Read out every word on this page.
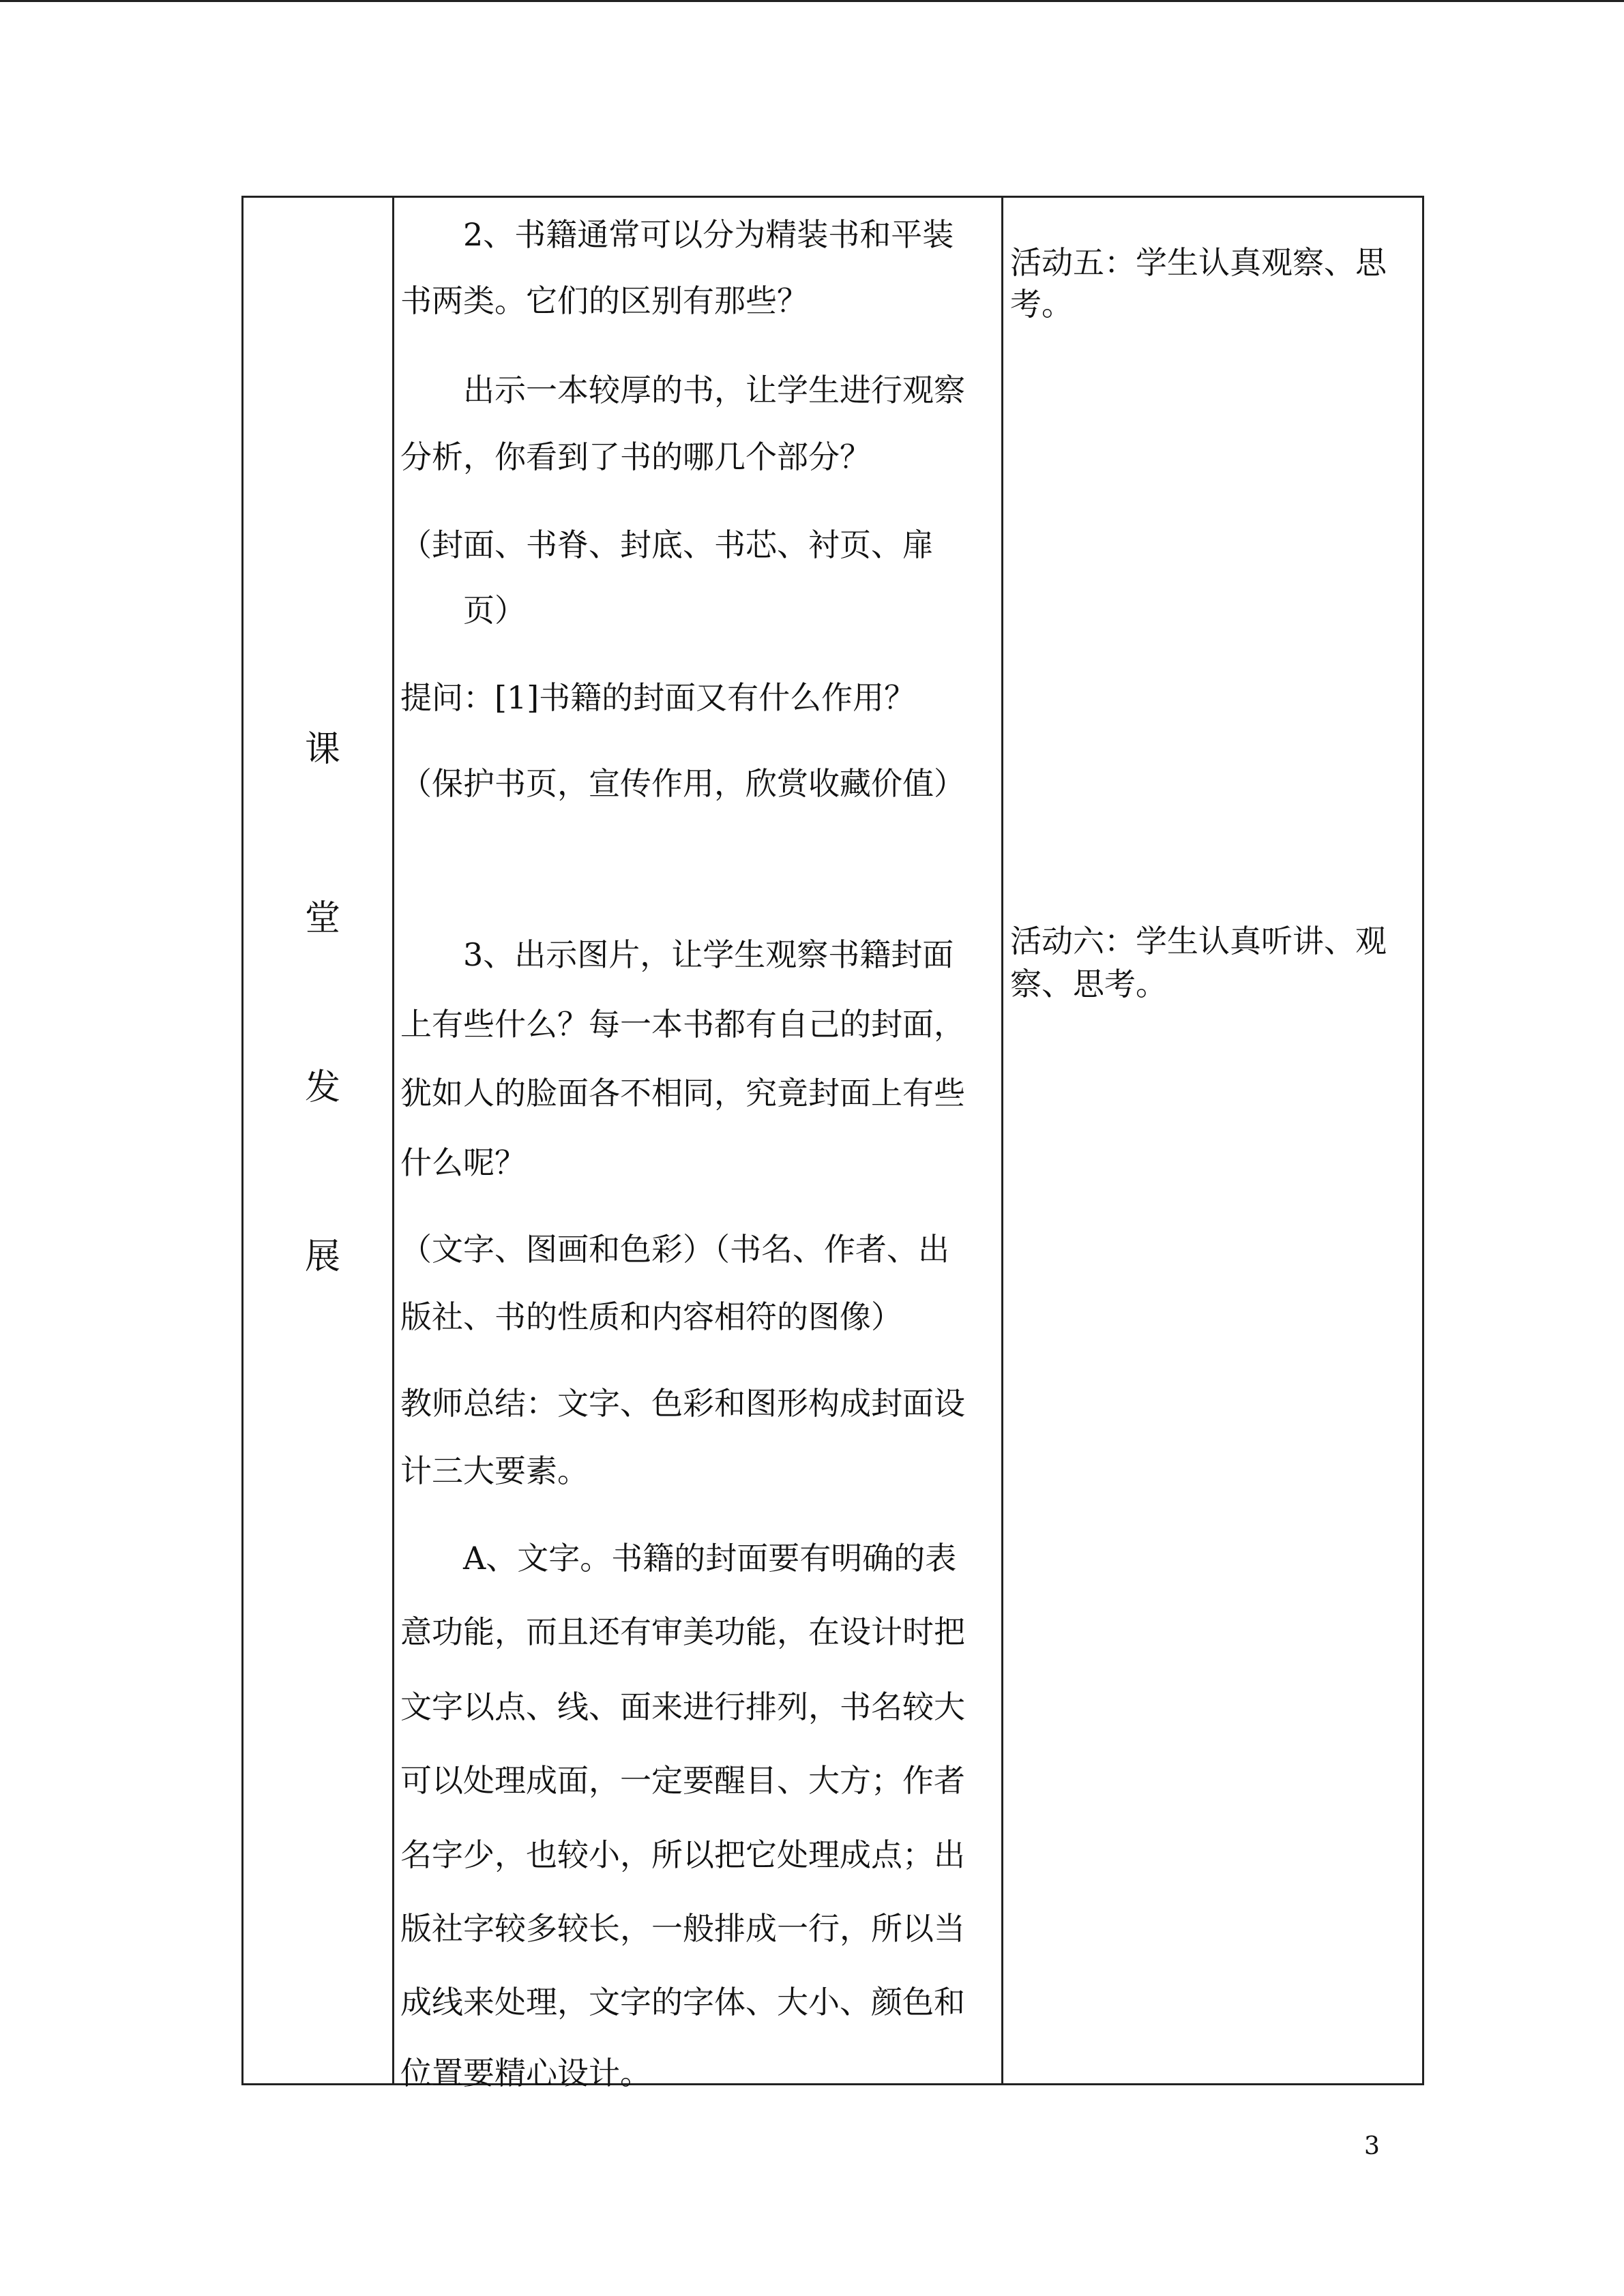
课
堂
发
展
　　2、书籍通常可以分为精装书和平装
书两类。它们的区别有那些？
　　出示一本较厚的书，让学生进行观察
分析，你看到了书的哪几个部分？
（封面、书脊、封底、书芯、衬页、扉
　　页）
提问：[1]书籍的封面又有什么作用？
（保护书页，宣传作用，欣赏收藏价值）
　　3、出示图片，让学生观察书籍封面
上有些什么？每一本书都有自己的封面，
犹如人的脸面各不相同，究竟封面上有些
什么呢？
（文字、图画和色彩）（书名、作者、出
版社、书的性质和内容相符的图像）
教师总结：文字、色彩和图形构成封面设
计三大要素。
　　A、文字。书籍的封面要有明确的表
意功能，而且还有审美功能，在设计时把
文字以点、线、面来进行排列，书名较大
可以处理成面，一定要醒目、大方；作者
名字少，也较小，所以把它处理成点；出
版社字较多较长，一般排成一行，所以当
成线来处理，文字的字体、大小、颜色和
位置要精心设计。
活动五：学生认真观察、思
考。
活动六：学生认真听讲、观
察、思考。
3
